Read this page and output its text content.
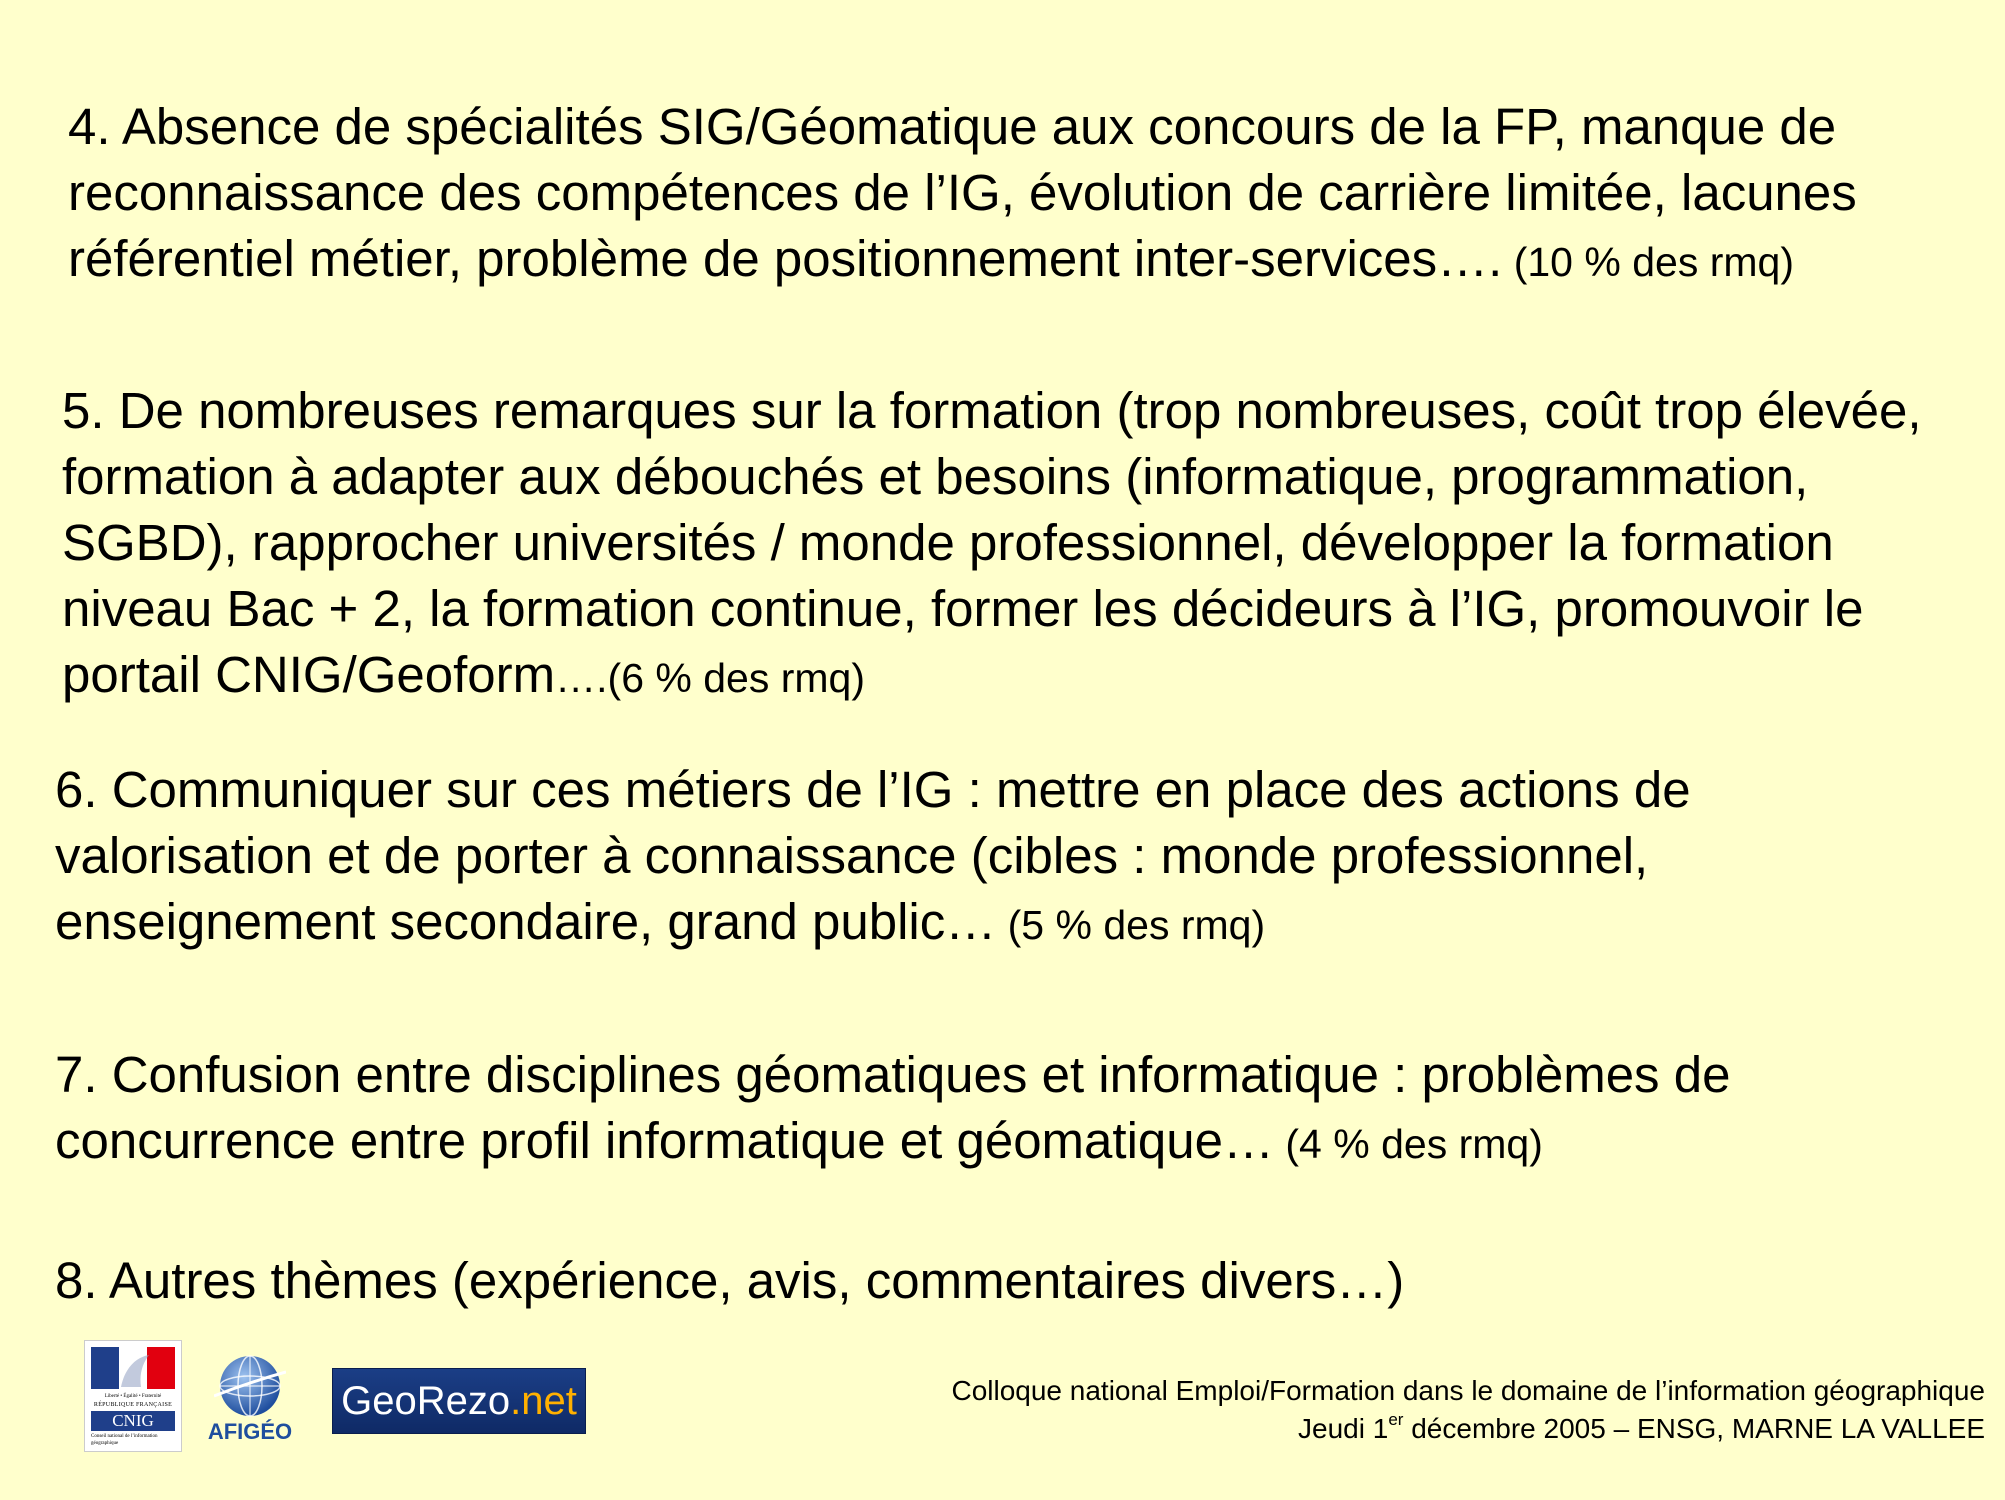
4. Absence de spécialités SIG/Géomatique aux concours de la FP, manque de reconnaissance des compétences de l’IG, évolution de carrière limitée, lacunes référentiel métier, problème de positionnement inter-services…. (10 % des rmq)

5. De nombreuses remarques sur la formation (trop nombreuses, coût trop élevée, formation à adapter aux débouchés et besoins (informatique, programmation, SGBD), rapprocher universités / monde professionnel, développer la formation niveau Bac + 2, la formation continue, former les décideurs à l’IG, promouvoir le portail CNIG/Geoform….(6 % des rmq)

6. Communiquer sur ces métiers de l’IG : mettre en place des actions de valorisation et de porter à connaissance (cibles : monde professionnel, enseignement secondaire, grand public… (5 % des rmq)

7. Confusion entre disciplines géomatiques et informatique : problèmes de concurrence entre profil informatique et géomatique… (4 % des rmq)

8. Autres thèmes (expérience, avis, commentaires divers…)

Liberté • Égalité • Fraternité
RÉPUBLIQUE FRANÇAISE
CNIG
Conseil national de l’information géographique	AFIGÉO
GeoRezo.net	Colloque national Emploi/Formation dans le domaine de l’information géographique
Jeudi 1er décembre 2005 – ENSG, MARNE LA VALLEE
